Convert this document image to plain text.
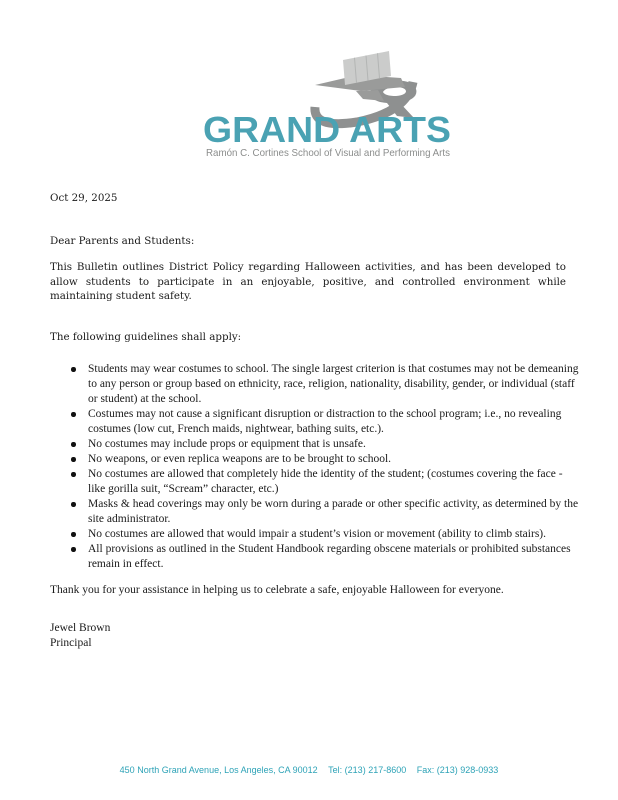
GRAND ARTS
Ramón C. Cortines School of Visual and Performing Arts
Oct 29, 2025
Dear Parents and Students:
This Bulletin outlines District Policy regarding Halloween activities, and has been developed to allow students to participate in an enjoyable, positive, and controlled environment while maintaining student safety.
The following guidelines shall apply:
Students may wear costumes to school. The single largest criterion is that costumes may not be demeaning to any person or group based on ethnicity, race, religion, nationality, disability, gender, or individual (staff or student) at the school.
Costumes may not cause a significant disruption or distraction to the school program; i.e., no revealing costumes (low cut, French maids, nightwear, bathing suits, etc.).
No costumes may include props or equipment that is unsafe.
No weapons, or even replica weapons are to be brought to school.
No costumes are allowed that completely hide the identity of the student; (costumes covering the face - like gorilla suit, “Scream” character, etc.)
Masks & head coverings may only be worn during a parade or other specific activity, as determined by the site administrator.
No costumes are allowed that would impair a student’s vision or movement (ability to climb stairs).
All provisions as outlined in the Student Handbook regarding obscene materials or prohibited substances remain in effect.
Thank you for your assistance in helping us to celebrate a safe, enjoyable Halloween for everyone.
Jewel Brown
Principal
450 North Grand Avenue, Los Angeles, CA 90012 Tel: (213) 217-8600 Fax: (213) 928-0933
